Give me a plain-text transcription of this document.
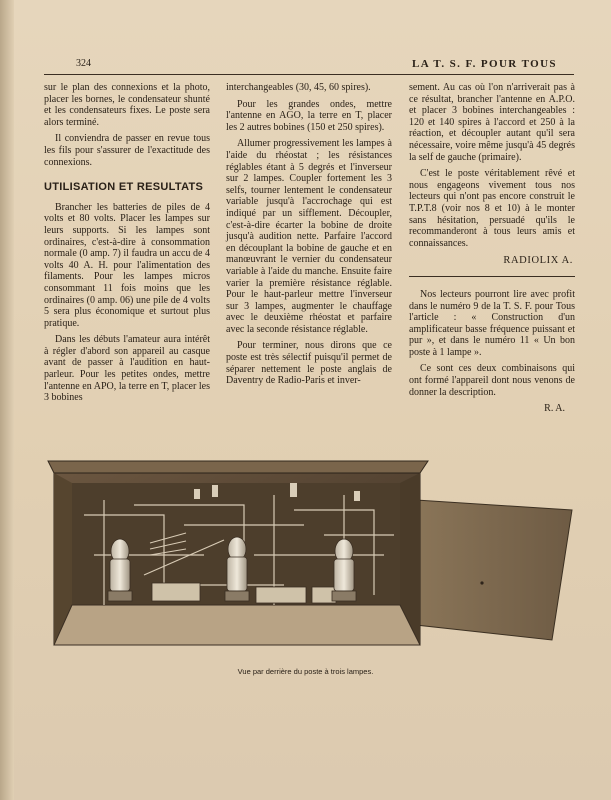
324	LA T. S. F. POUR TOUS

sur le plan des connexions et la photo, placer les bornes, le condensateur shunté et les condensateurs fixes. Le poste sera alors terminé.

Il conviendra de passer en revue tous les fils pour s'assurer de l'exactitude des connexions.

UTILISATION ET RESULTATS

Brancher les batteries de piles de 4 volts et 80 volts. Placer les lampes sur leurs supports. Si les lampes sont ordinaires, c'est-à-dire à consommation normale (0 amp. 7) il faudra un accu de 4 volts 40 A. H. pour l'alimentation des filaments. Pour les lampes micros consommant 11 fois moins que les ordinaires (0 amp. 06) une pile de 4 volts 5 sera plus économique et surtout plus pratique.

Dans les débuts l'amateur aura intérêt à régler d'abord son appareil au casque avant de passer à l'audition en haut-parleur. Pour les petites ondes, mettre l'antenne en APO, la terre en T, placer les 3 bobines

interchangeables (30, 45, 60 spires).

Pour les grandes ondes, mettre l'antenne en AGO, la terre en T, placer les 2 autres bobines (150 et 250 spires).

Allumer progressivement les lampes à l'aide du rhéostat ; les résistances réglables étant à 5 degrés et l'inverseur sur 2 lampes. Coupler fortement les 3 selfs, tourner lentement le condensateur variable jusqu'à l'accrochage qui est indiqué par un sifflement. Découpler, c'est-à-dire écarter la bobine de droite jusqu'à audition nette. Parfaire l'accord en découplant la bobine de gauche et en manœuvrant le vernier du condensateur variable à l'aide du manche. Ensuite faire varier la première résistance réglable. Pour le haut-parleur mettre l'inverseur sur 3 lampes, augmenter le chauffage avec le deuxième rhéostat et parfaire avec la seconde résistance réglable.

Pour terminer, nous dirons que ce poste est très sélectif puisqu'il permet de séparer nettement le poste anglais de Daventry de Radio-Paris et inver-

sement. Au cas où l'on n'arriverait pas à ce résultat, brancher l'antenne en A.P.O. et placer 3 bobines interchangeables : 120 et 140 spires à l'accord et 250 à la réaction, et découpler autant qu'il sera nécessaire, voire même jusqu'à 45 degrés la self de gauche (primaire).

C'est le poste véritablement rêvé et nous engageons vivement tous nos lecteurs qui n'ont pas encore construit le T.P.T.8 (voir nos 8 et 10) à le monter sans hésitation, persuadé qu'ils le recommanderont à tous leurs amis et connaissances.

RADIOLIX A.

Nos lecteurs pourront lire avec profit dans le numéro 9 de la T. S. F. pour Tous l'article : « Construction d'un amplificateur basse fréquence puissant et pur », et dans le numéro 11 « Un bon poste à 1 lampe ».

Ce sont ces deux combinaisons qui ont formé l'appareil dont nous venons de donner la description.

R. A.
Vue par derrière du poste à trois lampes.
